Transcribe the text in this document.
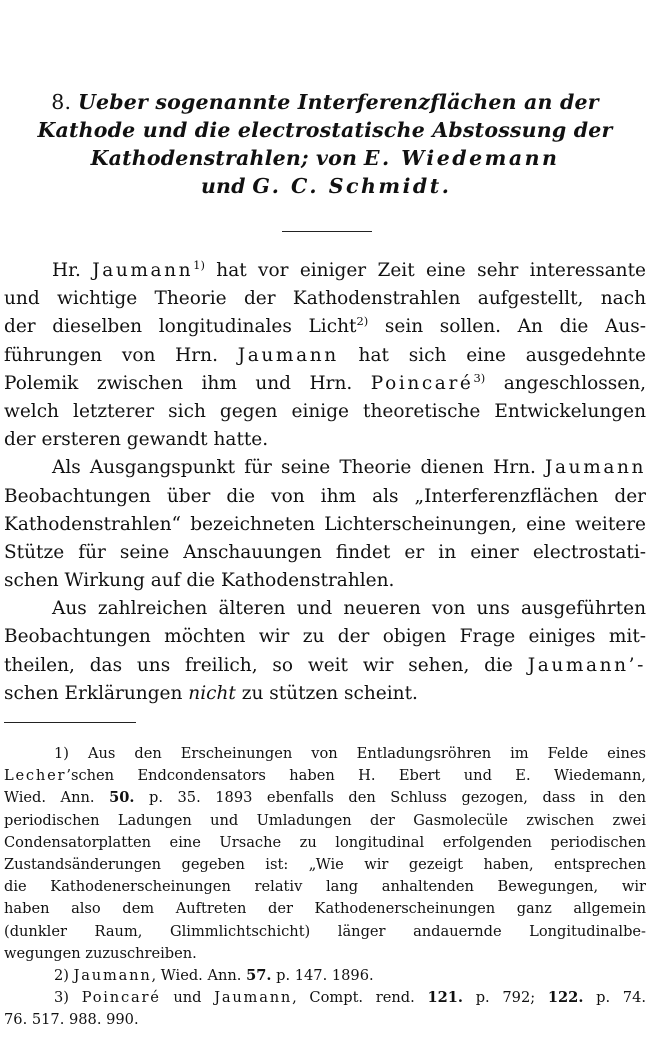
8. Ueber sogenannte Interferenzflächen an der
Kathode und die electrostatische Abstossung der
Kathodenstrahlen; von E. Wiedemann
und G. C. Schmidt.
Hr. Jaumann$^{1)}$ hat vor einiger Zeit eine sehr interessante
und wichtige Theorie der Kathodenstrahlen aufgestellt, nach
der dieselben longitudinales Licht$^{2)}$ sein sollen. An die Aus-
führungen von Hrn. Jaumann hat sich eine ausgedehnte
Polemik zwischen ihm und Hrn. Poincaré$^{3)}$ angeschlossen,
welch letzterer sich gegen einige theoretische Entwickelungen
der ersteren gewandt hatte.
Als Ausgangspunkt für seine Theorie dienen Hrn. Jaumann
Beobachtungen über die von ihm als „Interferenzflächen der
Kathodenstrahlen“ bezeichneten Lichterscheinungen, eine weitere
Stütze für seine Anschauungen findet er in einer electrostati-
schen Wirkung auf die Kathodenstrahlen.
Aus zahlreichen älteren und neueren von uns ausgeführten
Beobachtungen möchten wir zu der obigen Frage einiges mit-
theilen, das uns freilich, so weit wir sehen, die Jaumann’-
schen Erklärungen nicht zu stützen scheint.
1) Aus den Erscheinungen von Entladungsröhren im Felde eines
Lecher’schen Endcondensators haben H. Ebert und E. Wiedemann,
Wied. Ann. 50. p. 35. 1893 ebenfalls den Schluss gezogen, dass in den
periodischen Ladungen und Umladungen der Gasmolecüle zwischen zwei
Condensatorplatten eine Ursache zu longitudinal erfolgenden periodischen
Zustandsänderungen gegeben ist: „Wie wir gezeigt haben, entsprechen
die Kathodenerscheinungen relativ lang anhaltenden Bewegungen, wir
haben also dem Auftreten der Kathodenerscheinungen ganz allgemein
(dunkler Raum, Glimmlichtschicht) länger andauernde Longitudinalbe-
wegungen zuzuschreiben.
2) Jaumann, Wied. Ann. 57. p. 147. 1896.
3) Poincaré und Jaumann, Compt. rend. 121. p. 792; 122. p. 74.
76. 517. 988. 990.
